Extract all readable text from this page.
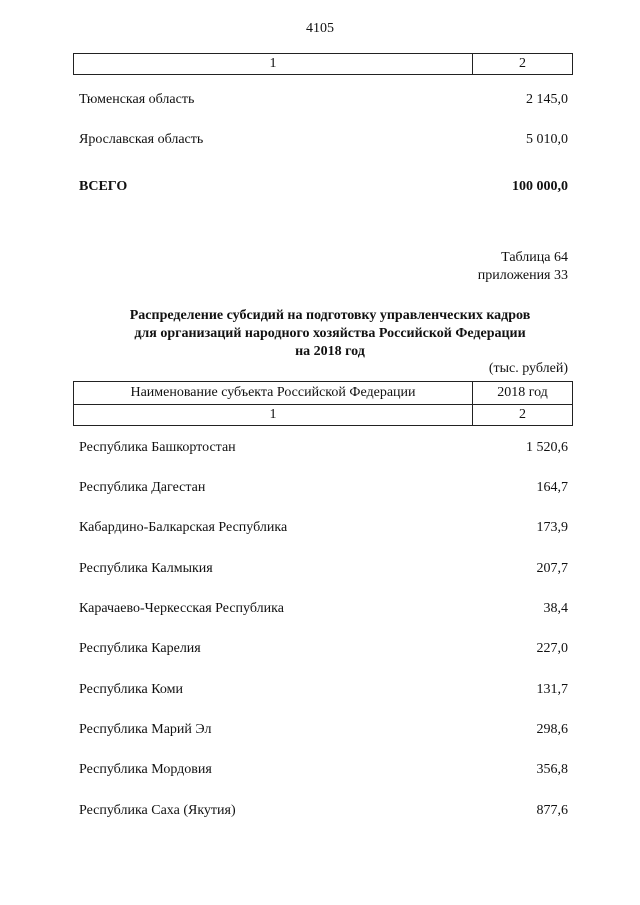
4105
1	2
Тюменская область	2 145,0
Ярославская область	5 010,0
ВСЕГО	100 000,0
Таблица 64
приложения 33
Распределение субсидий на подготовку управленческих кадров
для организаций народного хозяйства Российской Федерации
на 2018 год
(тыс. рублей)
Наименование субъекта Российской Федерации	2018 год
1	2
Республика Башкортостан	1 520,6
Республика Дагестан	164,7
Кабардино-Балкарская Республика	173,9
Республика Калмыкия	207,7
Карачаево-Черкесская Республика	38,4
Республика Карелия	227,0
Республика Коми	131,7
Республика Марий Эл	298,6
Республика Мордовия	356,8
Республика Саха (Якутия)	877,6
